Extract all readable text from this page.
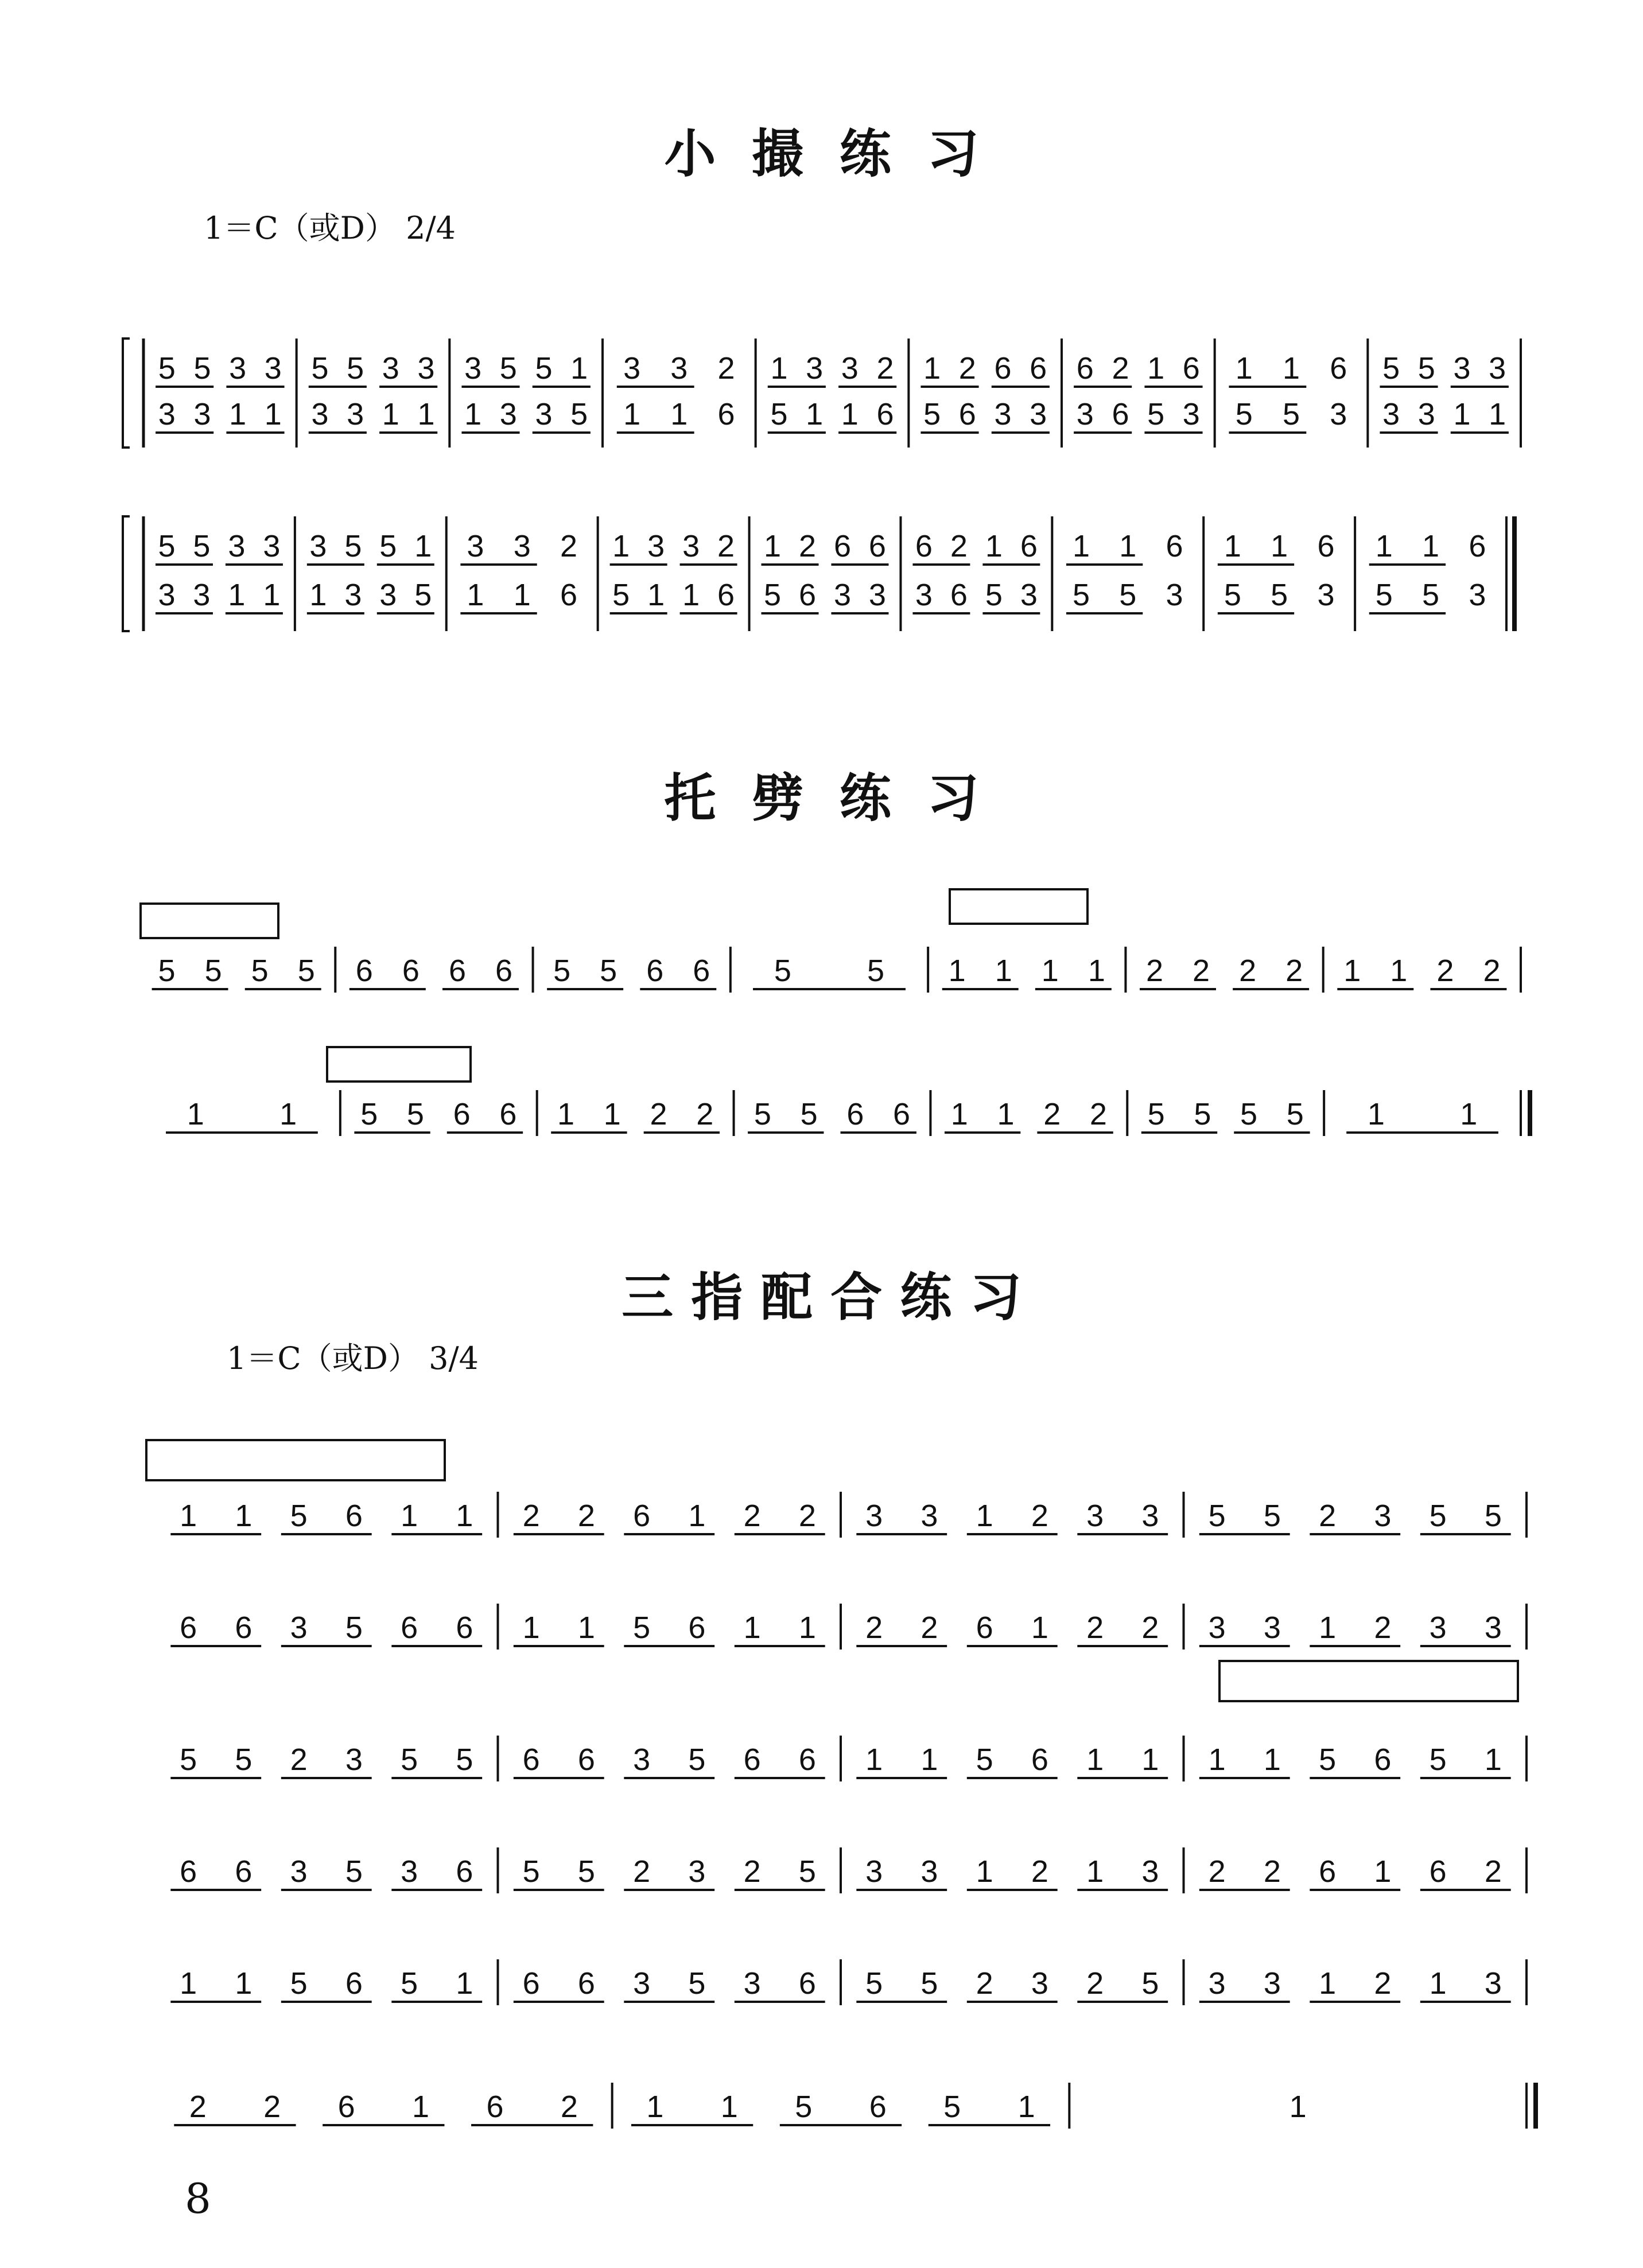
小  撮  练  习
1＝C（或D） 2/4
托  劈  练  习
三 指 配 合 练 习
1＝C（或D） 3/4
8
5 5 3 3
3 3 1 1
5 5 3 3
3 3 1 1
3 5 5 1
1 3 3 5
3 3 2
1 1 6
1 3 3 2
5 1 1 6
1 2 6 6
5 6 3 3
6 2 1 6
3 6 5 3
1 1 6
5 5 3
5 5 3 3
3 3 1 1
5 5 3 3
3 3 1 1
3 5 5 1
1 3 3 5
3 3 2
1 1 6
1 3 3 2
5 1 1 6
1 2 6 6
5 6 3 3
6 2 1 6
3 6 5 3
1 1 6
5 5 3
1 1 6
5 5 3
1 1 6
5 5 3
5 5 5 5 6 6 6 6 5 5 6 6 5 5 1 1 1 1 2 2 2 2 1 1 2 2
1 1 5 5 6 6 1 1 2 2 5 5 6 6 1 1 2 2 5 5 5 5 1 1
1 1 5 6 1 1 2 2 6 1 2 2 3 3 1 2 3 3 5 5 2 3 5 5
6 6 3 5 6 6 1 1 5 6 1 1 2 2 6 1 2 2 3 3 1 2 3 3
5 5 2 3 5 5 6 6 3 5 6 6 1 1 5 6 1 1 1 1 5 6 5 1
6 6 3 5 3 6 5 5 2 3 2 5 3 3 1 2 1 3 2 2 6 1 6 2
1 1 5 6 5 1 6 6 3 5 3 6 5 5 2 3 2 5 3 3 1 2 1 3
2 2 6 1 6 2 1 1 5 6 5 1	1
